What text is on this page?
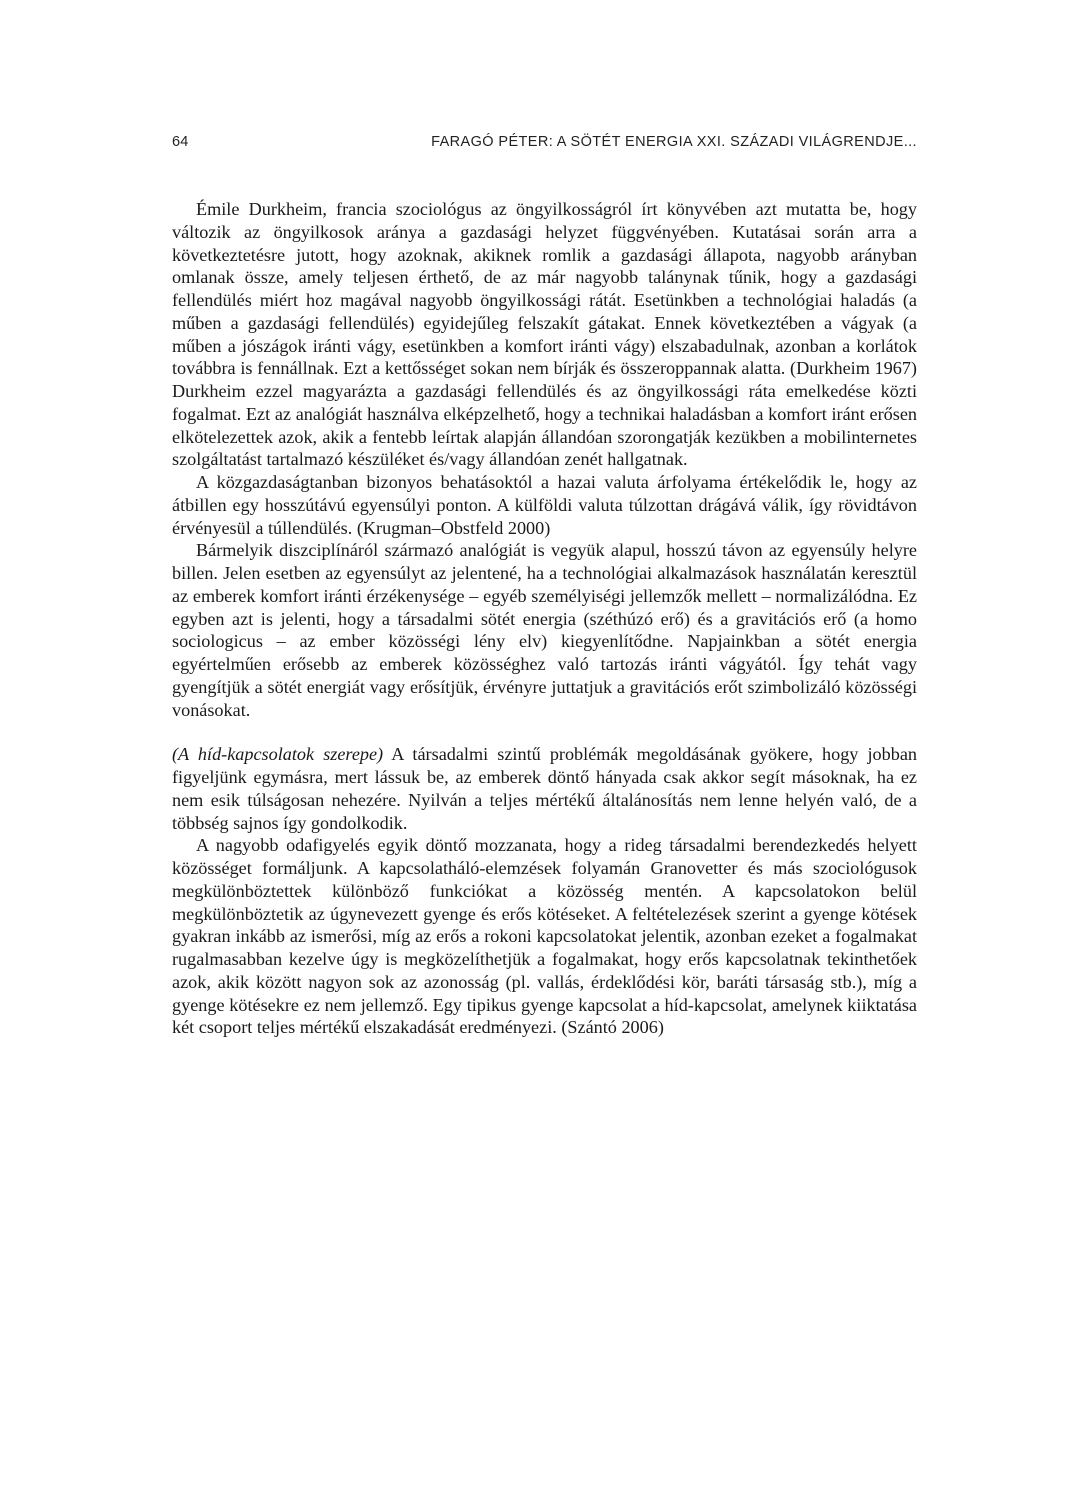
64	FARAGÓ PÉTER: A SÖTÉT ENERGIA XXI. SZÁZADI VILÁGRENDJE...

Émile Durkheim, francia szociológus az öngyilkosságról írt könyvében azt mutatta be, hogy változik az öngyilkosok aránya a gazdasági helyzet függvényében. Kutatásai során arra a következtetésre jutott, hogy azoknak, akiknek romlik a gazdasági állapota, nagyobb arányban omlanak össze, amely teljesen érthető, de az már nagyobb talánynak tűnik, hogy a gazdasági fellendülés miért hoz magával nagyobb öngyilkossági rátát. Esetünkben a technológiai haladás (a műben a gazdasági fellendülés) egyidejűleg felszakít gátakat. Ennek következtében a vágyak (a műben a jószágok iránti vágy, esetünkben a komfort iránti vágy) elszabadulnak, azonban a korlátok továbbra is fennállnak. Ezt a kettősséget sokan nem bírják és összeroppannak alatta. (Durkheim 1967) Durkheim ezzel magyarázta a gazdasági fellendülés és az öngyilkossági ráta emelkedése közti fogalmat. Ezt az analógiát használva elképzelhető, hogy a technikai haladásban a komfort iránt erősen elkötelezettek azok, akik a fentebb leírtak alapján állandóan szorongatják kezükben a mobilinternetes szolgáltatást tartalmazó készüléket és/vagy állandóan zenét hallgatnak.

A közgazdaságtanban bizonyos behatásoktól a hazai valuta árfolyama értékelődik le, hogy az átbillen egy hosszútávú egyensúlyi ponton. A külföldi valuta túlzottan drágává válik, így rövidtávon érvényesül a túllendülés. (Krugman–Obstfeld 2000)

Bármelyik diszciplínáról származó analógiát is vegyük alapul, hosszú távon az egyensúly helyre billen. Jelen esetben az egyensúlyt az jelentené, ha a technológiai alkalmazások használatán keresztül az emberek komfort iránti érzékenysége – egyéb személyiségi jellemzők mellett – normalizálódna. Ez egyben azt is jelenti, hogy a társadalmi sötét energia (széthúzó erő) és a gravitációs erő (a homo sociologicus – az ember közösségi lény elv) kiegyenlítődne. Napjainkban a sötét energia egyértelműen erősebb az emberek közösséghez való tartozás iránti vágyától. Így tehát vagy gyengítjük a sötét energiát vagy erősítjük, érvényre juttatjuk a gravitációs erőt szimbolizáló közösségi vonásokat.

(A híd-kapcsolatok szerepe) A társadalmi szintű problémák megoldásának gyökere, hogy jobban figyeljünk egymásra, mert lássuk be, az emberek döntő hányada csak akkor segít másoknak, ha ez nem esik túlságosan nehezére. Nyilván a teljes mértékű általánosítás nem lenne helyén való, de a többség sajnos így gondolkodik.

A nagyobb odafigyelés egyik döntő mozzanata, hogy a rideg társadalmi berendezkedés helyett közösséget formáljunk. A kapcsolatháló-elemzések folyamán Granovetter és más szociológusok megkülönböztettek különböző funkciókat a közösség mentén. A kapcsolatokon belül megkülönböztetik az úgynevezett gyenge és erős kötéseket. A feltételezések szerint a gyenge kötések gyakran inkább az ismerősi, míg az erős a rokoni kapcsolatokat jelentik, azonban ezeket a fogalmakat rugalmasabban kezelve úgy is megközelíthetjük a fogalmakat, hogy erős kapcsolatnak tekinthetőek azok, akik között nagyon sok az azonosság (pl. vallás, érdeklődési kör, baráti társaság stb.), míg a gyenge kötésekre ez nem jellemző. Egy tipikus gyenge kapcsolat a híd-kapcsolat, amelynek kiiktatása két csoport teljes mértékű elszakadását eredményezi. (Szántó 2006)
